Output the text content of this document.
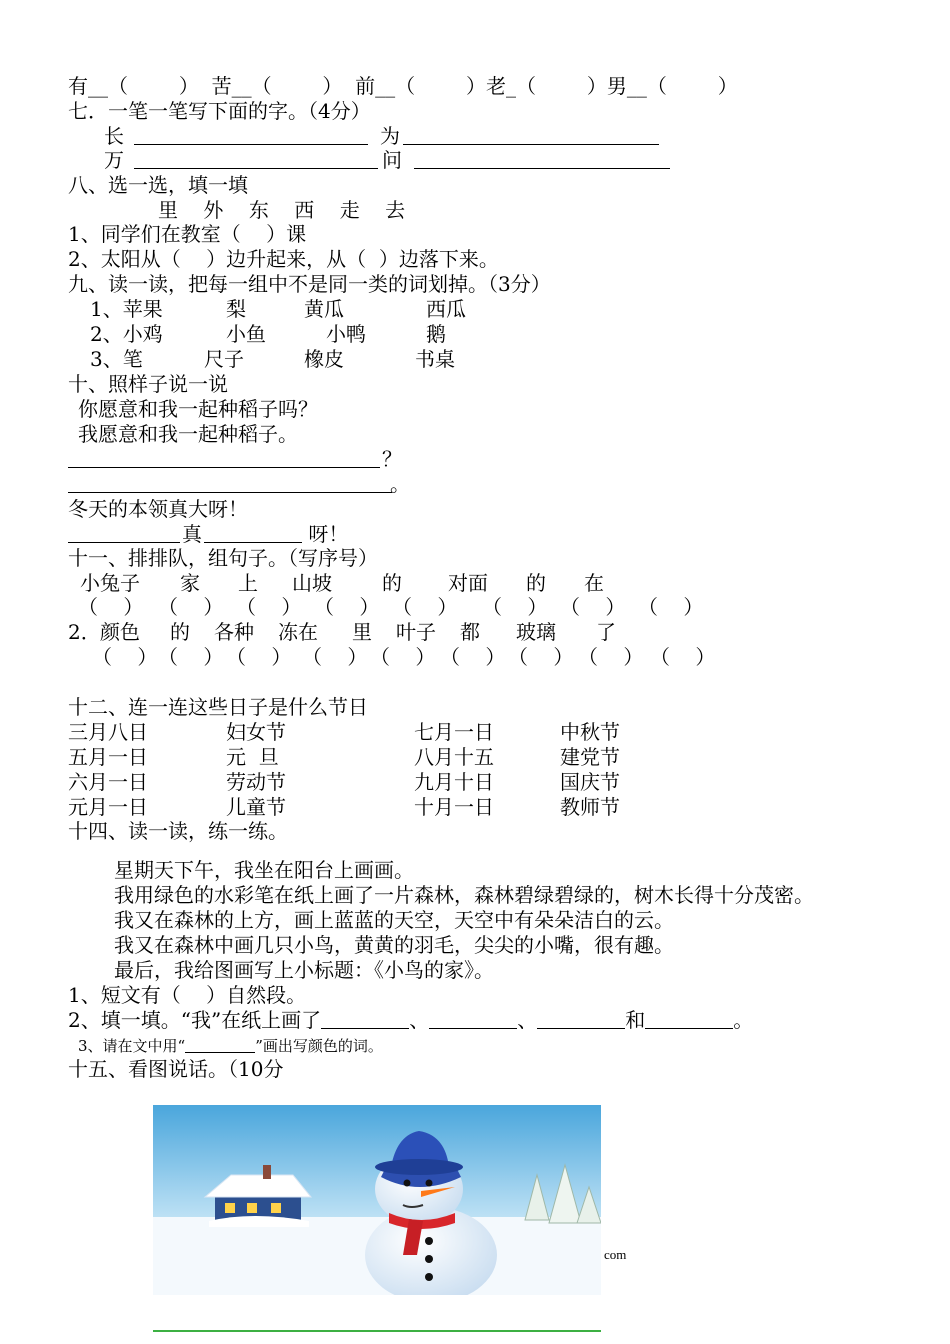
有__（        ）  苦__（        ）  前__（        ）老_（        ）男__（        ）
七．一笔一笔写下面的字。（4分）
长	为
万	问
八、选一选，填一填
里    外    东    西    走    去
1、同学们在教室（    ）课
2、太阳从（    ）边升起来，从（  ）边落下来。
九、读一读，把每一组中不是同一类的词划掉。（3分）
1、苹果	梨	黄瓜	西瓜
2、小鸡	小鱼	小鸭	鹅
3、笔	尺子	橡皮	书桌
十、照样子说一说
你愿意和我一起种稻子吗？
我愿意和我一起种稻子。
？
。
冬天的本领真大呀！
真	呀！
十一、排排队，组句子。（写序号）
小兔子 家 上 山坡	的 对面 的 在
（    ） （    ） （    ） （    ） （    ） （    ） （    ） （    ）
2． 颜色 的 各种 冻在 里 叶子 都 玻璃 了
（    ） （    ） （    ） （    ） （    ） （    ） （    ） （    ） （    ）
十二、连一连这些日子是什么节日
三月八日	妇女节	七月一日	中秋节
五月一日	元  旦	八月十五	建党节
六月一日	劳动节	九月十日	国庆节
元月一日	儿童节	十月一日	教师节
十四、读一读，练一练。
星期天下午，我坐在阳台上画画。
我用绿色的水彩笔在纸上画了一片森林，森林碧绿碧绿的，树木长得十分茂密。
我又在森林的上方，画上蓝蓝的天空，天空中有朵朵洁白的云。
我又在森林中画几只小鸟，黄黄的羽毛，尖尖的小嘴，很有趣。
最后，我给图画写上小标题：《小鸟的家》。
1、短文有（    ）自然段。
2、填一填。“我”在纸上画了	、	、	和	。
3、请在文中用“	”画出写颜色的词。
十五、看图说话。（10分
com
